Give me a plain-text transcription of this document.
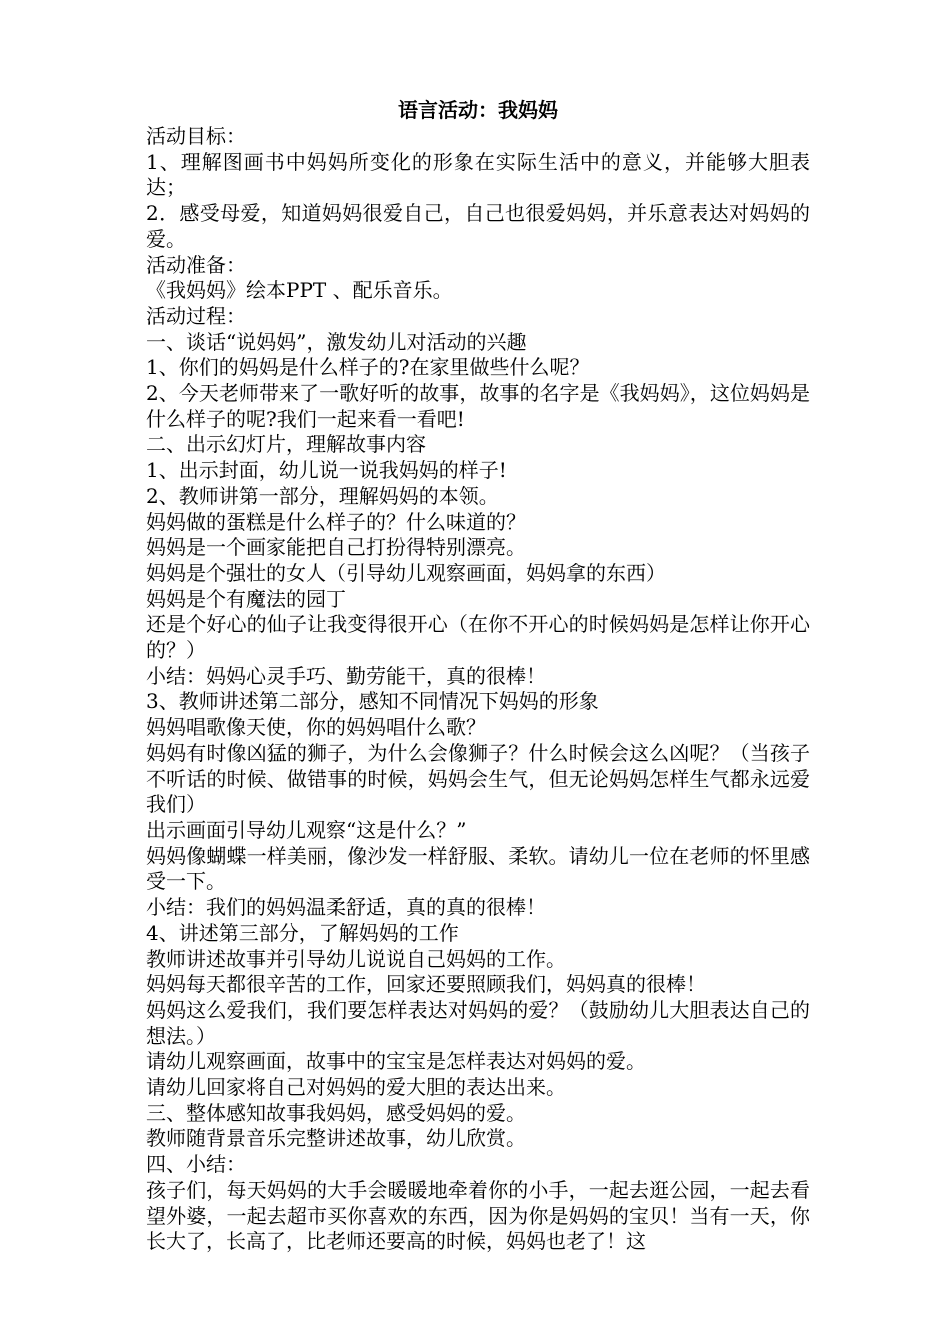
语言活动：我妈妈

活动目标：

1、理解图画书中妈妈所变化的形象在实际生活中的意义，并能够大胆表达；

2．感受母爱，知道妈妈很爱自己，自己也很爱妈妈，并乐意表达对妈妈的爱。

活动准备：

《我妈妈》绘本PPT 、配乐音乐。

活动过程：

一、谈话“说妈妈”，激发幼儿对活动的兴趣

1、你们的妈妈是什么样子的?在家里做些什么呢？

2、今天老师带来了一歌好听的故事，故事的名字是《我妈妈》，这位妈妈是什么样子的呢?我们一起来看一看吧!

二、出示幻灯片，理解故事内容

1、出示封面，幼儿说一说我妈妈的样子!

2、教师讲第一部分，理解妈妈的本领。

妈妈做的蛋糕是什么样子的？什么味道的？

妈妈是一个画家能把自己打扮得特别漂亮。

妈妈是个强壮的女人（引导幼儿观察画面，妈妈拿的东西）

妈妈是个有魔法的园丁

还是个好心的仙子让我变得很开心（在你不开心的时候妈妈是怎样让你开心的？）

小结：妈妈心灵手巧、勤劳能干，真的很棒！

3、教师讲述第二部分，感知不同情况下妈妈的形象

妈妈唱歌像天使，你的妈妈唱什么歌？

妈妈有时像凶猛的狮子，为什么会像狮子？什么时候会这么凶呢？（当孩子不听话的时候、做错事的时候，妈妈会生气，但无论妈妈怎样生气都永远爱我们）

出示画面引导幼儿观察“这是什么？”

妈妈像蝴蝶一样美丽，像沙发一样舒服、柔软。请幼儿一位在老师的怀里感受一下。

小结：我们的妈妈温柔舒适，真的真的很棒！

4、讲述第三部分，了解妈妈的工作

教师讲述故事并引导幼儿说说自己妈妈的工作。

妈妈每天都很辛苦的工作，回家还要照顾我们，妈妈真的很棒！

妈妈这么爱我们，我们要怎样表达对妈妈的爱？（鼓励幼儿大胆表达自己的想法。）

请幼儿观察画面，故事中的宝宝是怎样表达对妈妈的爱。

请幼儿回家将自己对妈妈的爱大胆的表达出来。

三、整体感知故事我妈妈，感受妈妈的爱。

教师随背景音乐完整讲述故事，幼儿欣赏。

四、小结：

孩子们，每天妈妈的大手会暖暖地牵着你的小手，一起去逛公园，一起去看望外婆，一起去超市买你喜欢的东西，因为你是妈妈的宝贝！当有一天，你长大了，长高了，比老师还要高的时候，妈妈也老了！这
